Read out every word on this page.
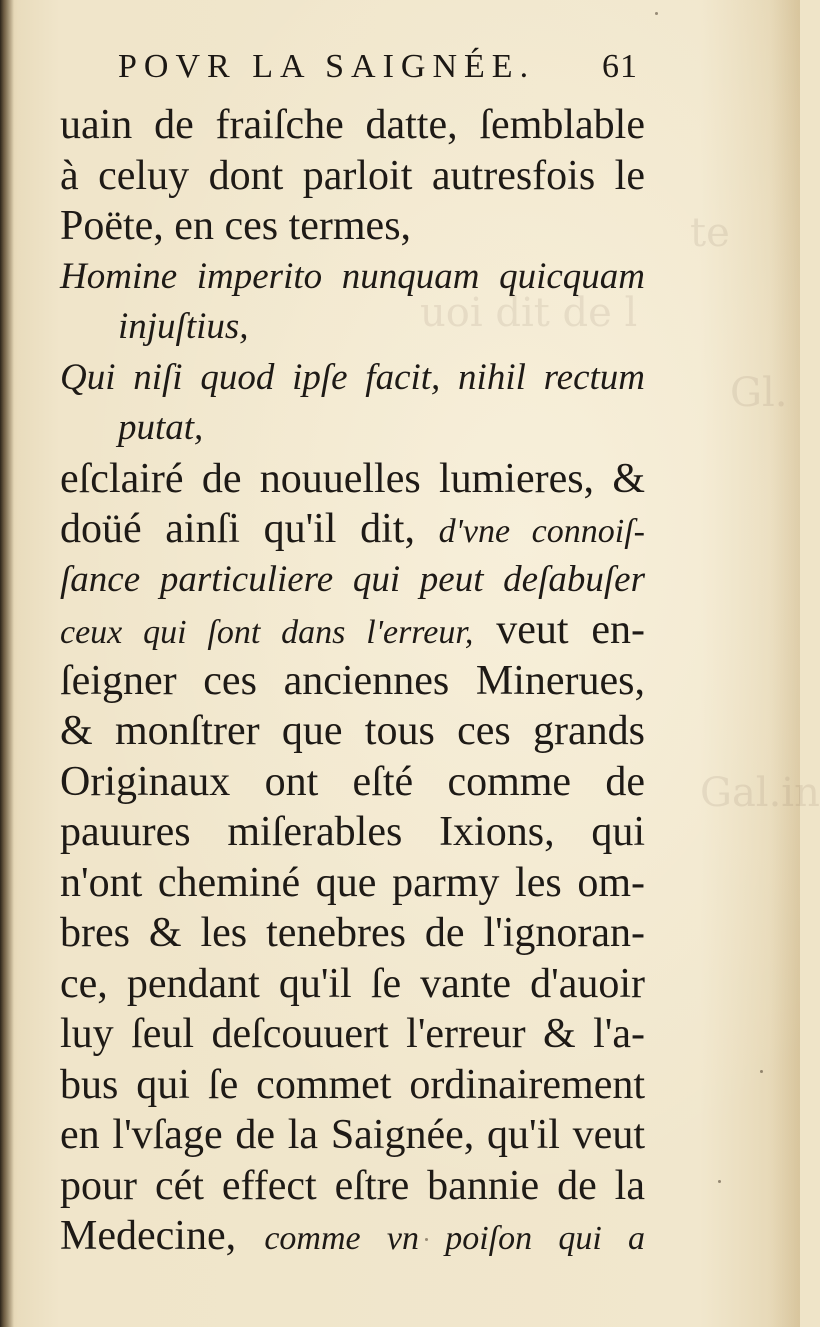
te
uoi dit de l
Gl.
Gal.in
POVR LA SAIGNÉE. 61
uain de fraiſche datte, ſemblable
à celuy dont parloit autresfois le
Poëte, en ces termes,
Homine imperito nunquam quicquam
injuſtius,
Qui niſi quod ipſe facit, nihil rectum
putat,
eſclairé de nouuelles lumieres, &
doüé ainſi qu'il dit, d'vne connoiſ-
ſance particuliere qui peut deſabuſer
ceux qui ſont dans l'erreur, veut en-
ſeigner ces anciennes Minerues,
& monſtrer que tous ces grands
Originaux ont eſté comme de
pauures miſerables Ixions, qui
n'ont cheminé que parmy les om-
bres & les tenebres de l'ignoran-
ce, pendant qu'il ſe vante d'auoir
luy ſeul deſcouuert l'erreur & l'a-
bus qui ſe commet ordinairement
en l'vſage de la Saignée, qu'il veut
pour cét effect eſtre bannie de la
Medecine, comme vn poiſon qui a
